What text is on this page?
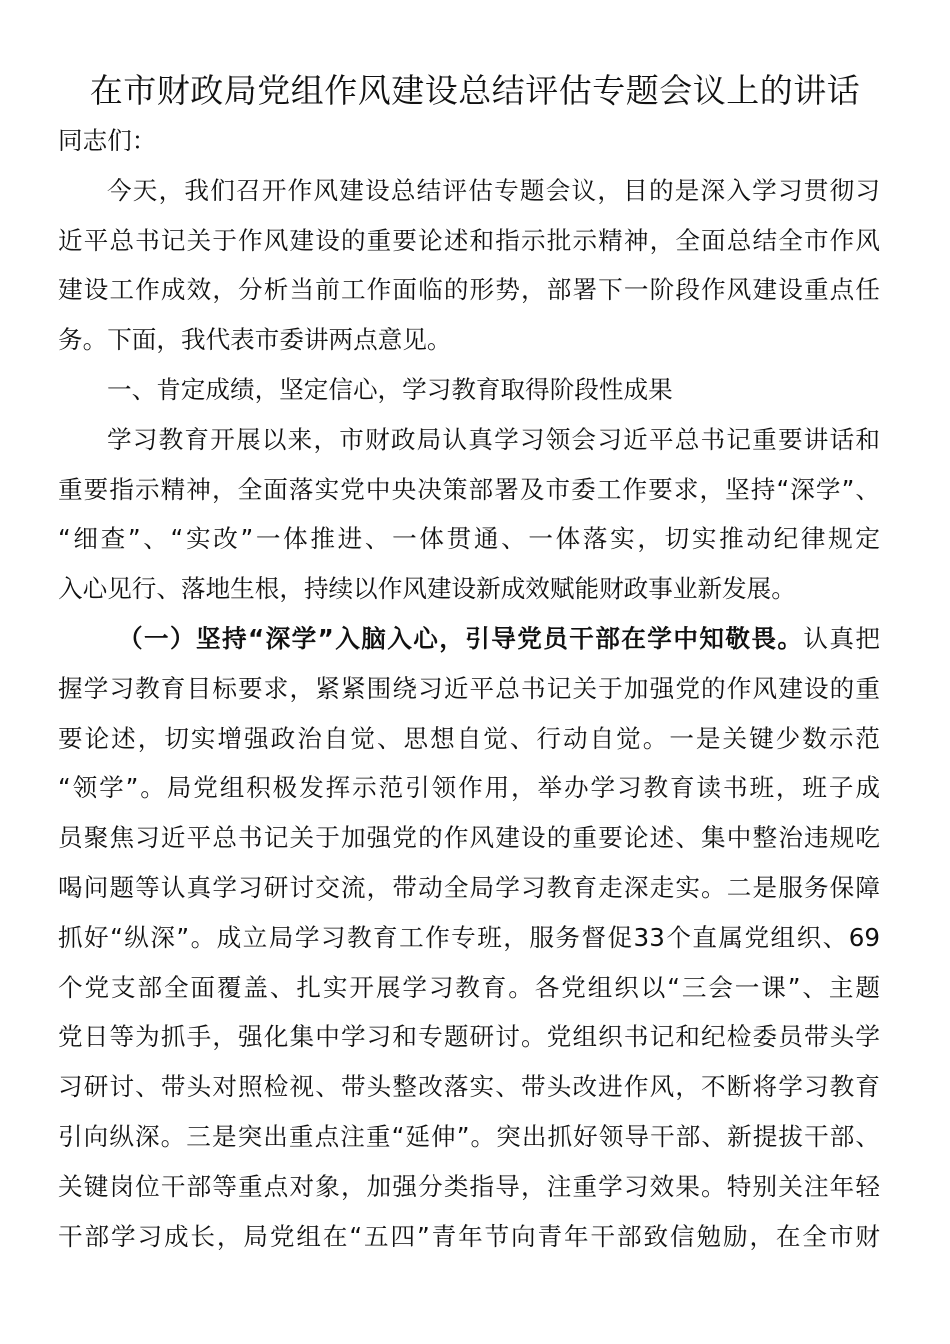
在市财政局党组作风建设总结评估专题会议上的讲话
同志们：
今天，我们召开作风建设总结评估专题会议，目的是深入学习贯彻习
近平总书记关于作风建设的重要论述和指示批示精神，全面总结全市作风
建设工作成效，分析当前工作面临的形势，部署下一阶段作风建设重点任
务。下面，我代表市委讲两点意见。
一、肯定成绩，坚定信心，学习教育取得阶段性成果
学习教育开展以来，市财政局认真学习领会习近平总书记重要讲话和
重要指示精神，全面落实党中央决策部署及市委工作要求，坚持“深学”、
“细查”、“实改”一体推进、一体贯通、一体落实，切实推动纪律规定
入心见行、落地生根，持续以作风建设新成效赋能财政事业新发展。
（一）坚持“深学”入脑入心，引导党员干部在学中知敬畏。认真把
握学习教育目标要求，紧紧围绕习近平总书记关于加强党的作风建设的重
要论述，切实增强政治自觉、思想自觉、行动自觉。一是关键少数示范
“领学”。局党组积极发挥示范引领作用，举办学习教育读书班，班子成
员聚焦习近平总书记关于加强党的作风建设的重要论述、集中整治违规吃
喝问题等认真学习研讨交流，带动全局学习教育走深走实。二是服务保障
抓好“纵深”。成立局学习教育工作专班，服务督促33个直属党组织、69
个党支部全面覆盖、扎实开展学习教育。各党组织以“三会一课”、主题
党日等为抓手，强化集中学习和专题研讨。党组织书记和纪检委员带头学
习研讨、带头对照检视、带头整改落实、带头改进作风，不断将学习教育
引向纵深。三是突出重点注重“延伸”。突出抓好领导干部、新提拔干部、
关键岗位干部等重点对象，加强分类指导，注重学习效果。特别关注年轻
干部学习成长，局党组在“五四”青年节向青年干部致信勉励，在全市财
